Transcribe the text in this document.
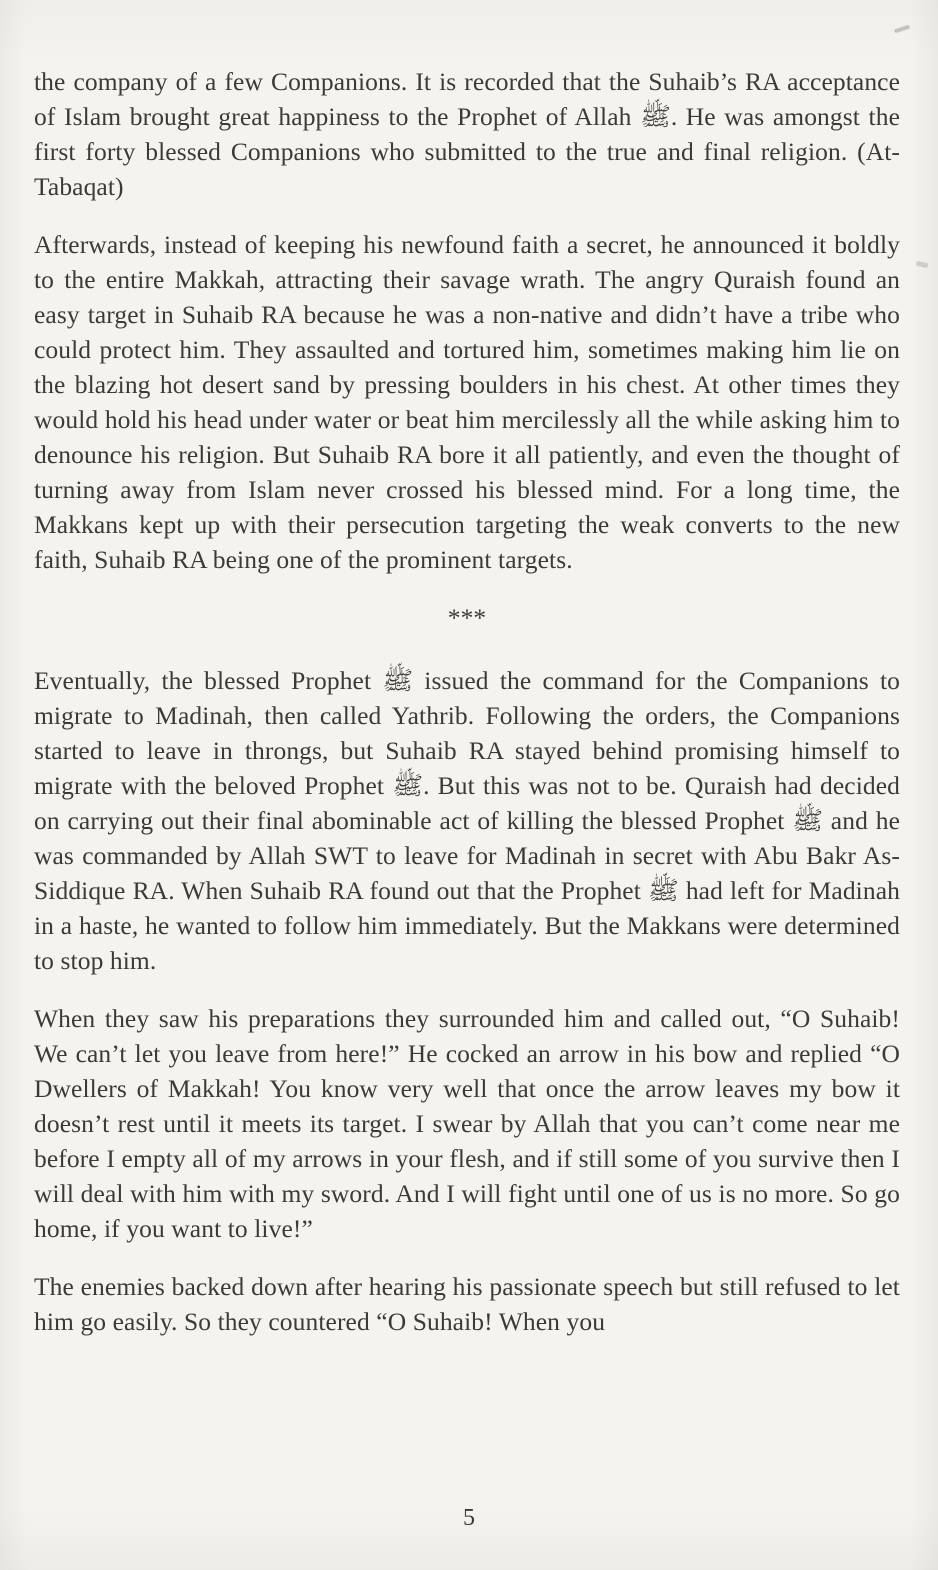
the company of a few Companions. It is recorded that the Suhaib’s RA acceptance of Islam brought great happiness to the Prophet of Allah ﷺ. He was amongst the first forty blessed Companions who submitted to the true and final religion. (At-Tabaqat)

Afterwards, instead of keeping his newfound faith a secret, he announced it boldly to the entire Makkah, attracting their savage wrath. The angry Quraish found an easy target in Suhaib RA because he was a non-native and didn’t have a tribe who could protect him. They assaulted and tortured him, sometimes making him lie on the blazing hot desert sand by pressing boulders in his chest. At other times they would hold his head under water or beat him mercilessly all the while asking him to denounce his religion. But Suhaib RA bore it all patiently, and even the thought of turning away from Islam never crossed his blessed mind. For a long time, the Makkans kept up with their persecution targeting the weak converts to the new faith, Suhaib RA being one of the prominent targets.

***

Eventually, the blessed Prophet ﷺ issued the command for the Companions to migrate to Madinah, then called Yathrib. Following the orders, the Companions started to leave in throngs, but Suhaib RA stayed behind promising himself to migrate with the beloved Prophet ﷺ. But this was not to be. Quraish had decided on carrying out their final abominable act of killing the blessed Prophet ﷺ and he was commanded by Allah SWT to leave for Madinah in secret with Abu Bakr As-Siddique RA. When Suhaib RA found out that the Prophet ﷺ had left for Madinah in a haste, he wanted to follow him immediately. But the Makkans were determined to stop him.

When they saw his preparations they surrounded him and called out, “O Suhaib! We can’t let you leave from here!” He cocked an arrow in his bow and replied “O Dwellers of Makkah! You know very well that once the arrow leaves my bow it doesn’t rest until it meets its target. I swear by Allah that you can’t come near me before I empty all of my arrows in your flesh, and if still some of you survive then I will deal with him with my sword. And I will fight until one of us is no more. So go home, if you want to live!”

The enemies backed down after hearing his passionate speech but still refused to let him go easily. So they countered “O Suhaib! When you

5
